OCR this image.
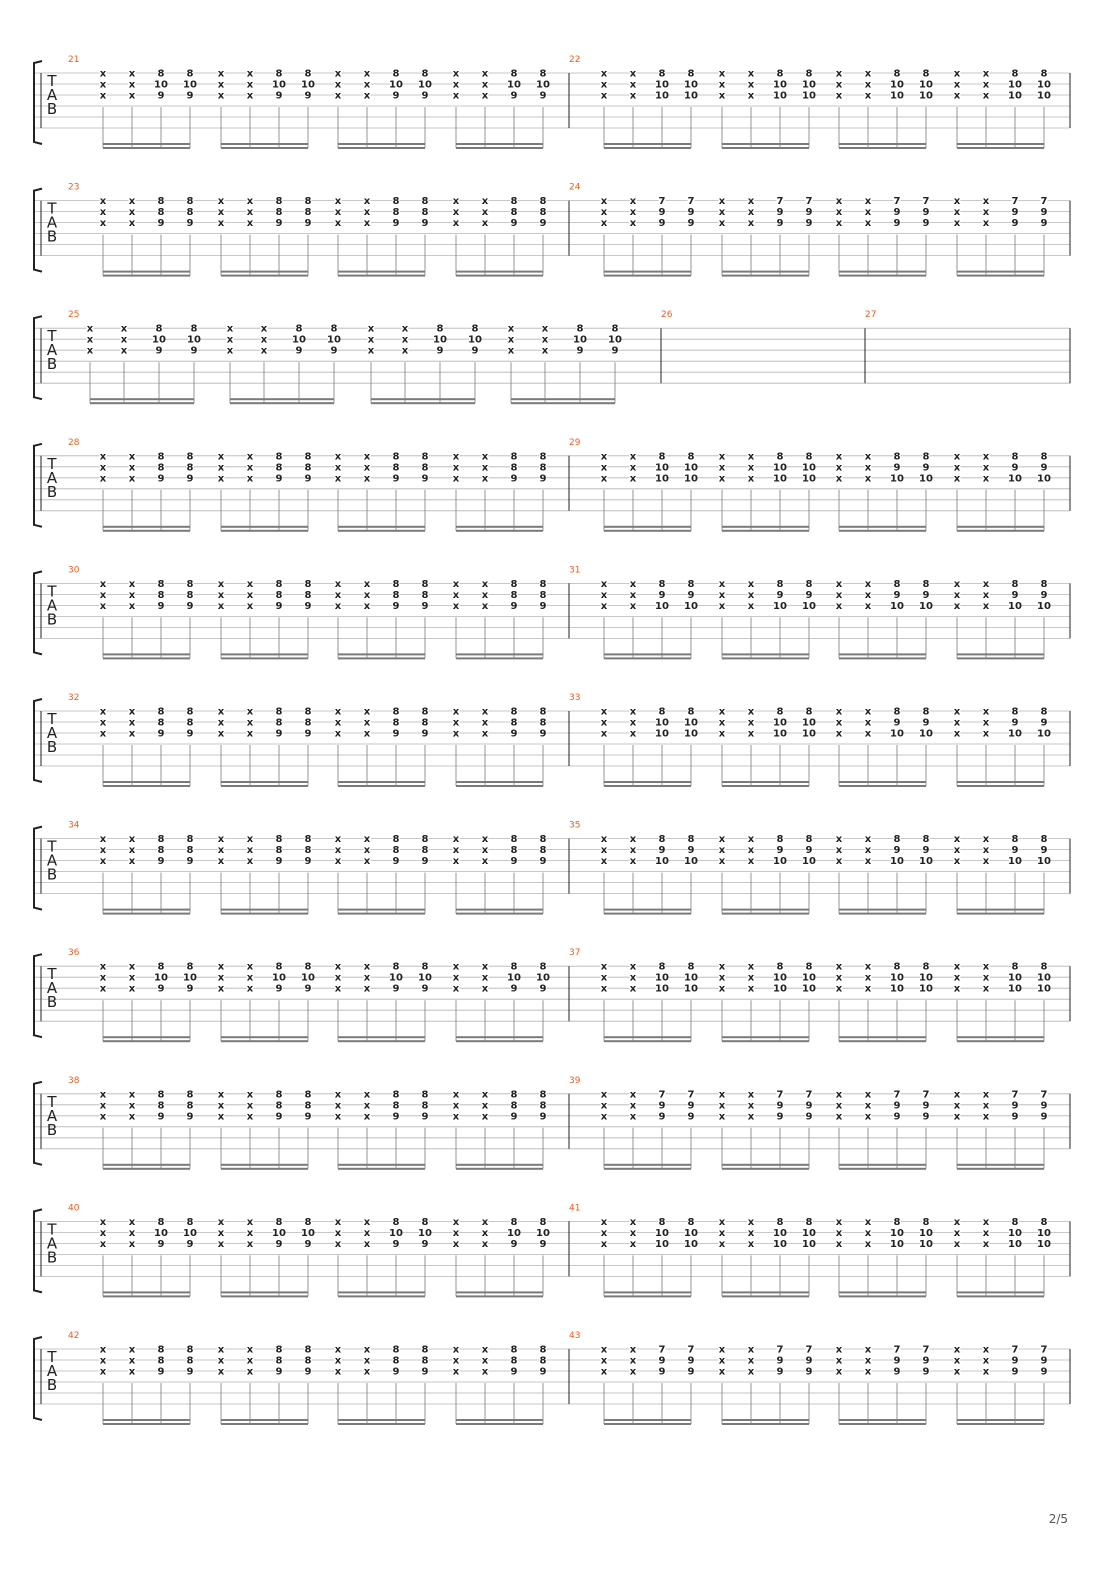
T
A
B
21
x
x
x
x
x
x
8
10
9
8
10
9
x
x
x
x
x
x
8
10
9
8
10
9
x
x
x
x
x
x
8
10
9
8
10
9
x
x
x
x
x
x
8
10
9
8
10
9
22
x
x
x
x
x
x
8
10
10
8
10
10
x
x
x
x
x
x
8
10
10
8
10
10
x
x
x
x
x
x
8
10
10
8
10
10
x
x
x
x
x
x
8
10
10
8
10
10
T
A
B
23
x
x
x
x
x
x
8
8
9
8
8
9
x
x
x
x
x
x
8
8
9
8
8
9
x
x
x
x
x
x
8
8
9
8
8
9
x
x
x
x
x
x
8
8
9
8
8
9
24
x
x
x
x
x
x
7
9
9
7
9
9
x
x
x
x
x
x
7
9
9
7
9
9
x
x
x
x
x
x
7
9
9
7
9
9
x
x
x
x
x
x
7
9
9
7
9
9
T
A
B
25	26	27
x
x
x
x
x
x
8
10
9
8
10
9
x
x
x
x
x
x
8
10
9
8
10
9
x
x
x
x
x
x
8
10
9
8
10
9
x
x
x
x
x
x
8
10
9
8
10
9
T
A
B
28
x
x
x
x
x
x
8
8
9
8
8
9
x
x
x
x
x
x
8
8
9
8
8
9
x
x
x
x
x
x
8
8
9
8
8
9
x
x
x
x
x
x
8
8
9
8
8
9
29
x
x
x
x
x
x
8
10
10
8
10
10
x
x
x
x
x
x
8
10
10
8
10
10
x
x
x
x
x
x
8
9
10
8
9
10
x
x
x
x
x
x
8
9
10
8
9
10
T
A
B
30
x
x
x
x
x
x
8
8
9
8
8
9
x
x
x
x
x
x
8
8
9
8
8
9
x
x
x
x
x
x
8
8
9
8
8
9
x
x
x
x
x
x
8
8
9
8
8
9
31
x
x
x
x
x
x
8
9
10
8
9
10
x
x
x
x
x
x
8
9
10
8
9
10
x
x
x
x
x
x
8
9
10
8
9
10
x
x
x
x
x
x
8
9
10
8
9
10
T
A
B
32
x
x
x
x
x
x
8
8
9
8
8
9
x
x
x
x
x
x
8
8
9
8
8
9
x
x
x
x
x
x
8
8
9
8
8
9
x
x
x
x
x
x
8
8
9
8
8
9
33
x
x
x
x
x
x
8
10
10
8
10
10
x
x
x
x
x
x
8
10
10
8
10
10
x
x
x
x
x
x
8
9
10
8
9
10
x
x
x
x
x
x
8
9
10
8
9
10
T
A
B
34
x
x
x
x
x
x
8
8
9
8
8
9
x
x
x
x
x
x
8
8
9
8
8
9
x
x
x
x
x
x
8
8
9
8
8
9
x
x
x
x
x
x
8
8
9
8
8
9
35
x
x
x
x
x
x
8
9
10
8
9
10
x
x
x
x
x
x
8
9
10
8
9
10
x
x
x
x
x
x
8
9
10
8
9
10
x
x
x
x
x
x
8
9
10
8
9
10
T
A
B
36
x
x
x
x
x
x
8
10
9
8
10
9
x
x
x
x
x
x
8
10
9
8
10
9
x
x
x
x
x
x
8
10
9
8
10
9
x
x
x
x
x
x
8
10
9
8
10
9
37
x
x
x
x
x
x
8
10
10
8
10
10
x
x
x
x
x
x
8
10
10
8
10
10
x
x
x
x
x
x
8
10
10
8
10
10
x
x
x
x
x
x
8
10
10
8
10
10
T
A
B
38
x
x
x
x
x
x
8
8
9
8
8
9
x
x
x
x
x
x
8
8
9
8
8
9
x
x
x
x
x
x
8
8
9
8
8
9
x
x
x
x
x
x
8
8
9
8
8
9
39
x
x
x
x
x
x
7
9
9
7
9
9
x
x
x
x
x
x
7
9
9
7
9
9
x
x
x
x
x
x
7
9
9
7
9
9
x
x
x
x
x
x
7
9
9
7
9
9
T
A
B
40
x
x
x
x
x
x
8
10
9
8
10
9
x
x
x
x
x
x
8
10
9
8
10
9
x
x
x
x
x
x
8
10
9
8
10
9
x
x
x
x
x
x
8
10
9
8
10
9
41
x
x
x
x
x
x
8
10
10
8
10
10
x
x
x
x
x
x
8
10
10
8
10
10
x
x
x
x
x
x
8
10
10
8
10
10
x
x
x
x
x
x
8
10
10
8
10
10
T
A
B
42
x
x
x
x
x
x
8
8
9
8
8
9
x
x
x
x
x
x
8
8
9
8
8
9
x
x
x
x
x
x
8
8
9
8
8
9
x
x
x
x
x
x
8
8
9
8
8
9
43
x
x
x
x
x
x
7
9
9
7
9
9
x
x
x
x
x
x
7
9
9
7
9
9
x
x
x
x
x
x
7
9
9
7
9
9
x
x
x
x
x
x
7
9
9
7
9
9
2/5
